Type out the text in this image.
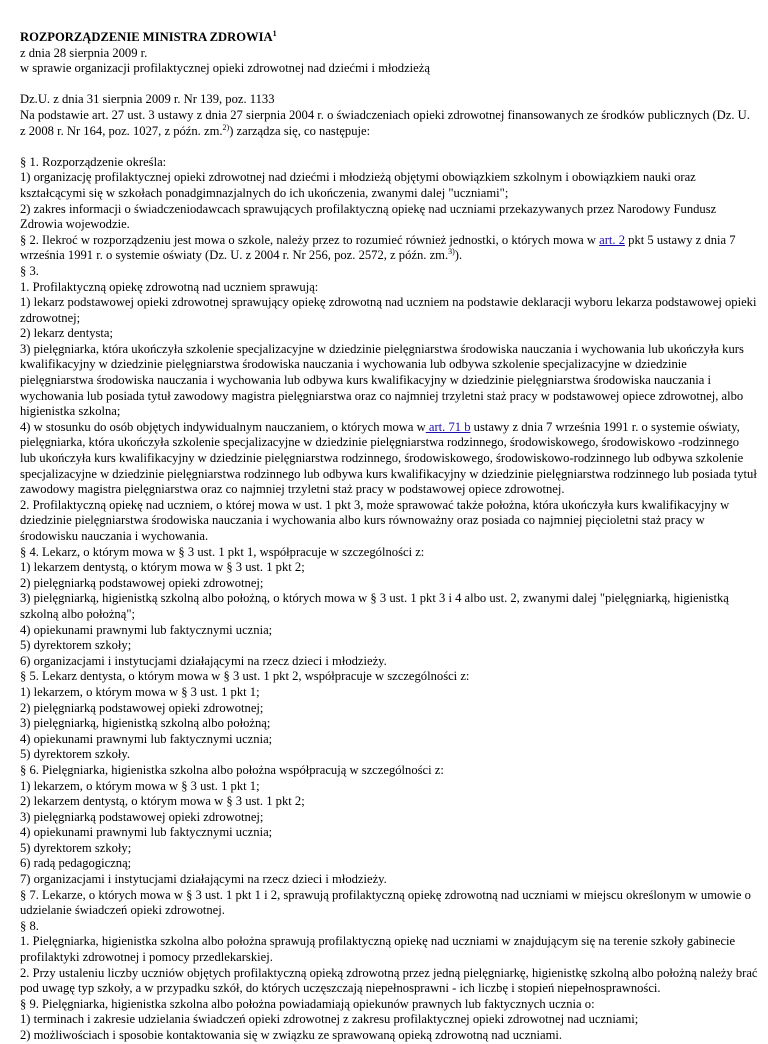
ROZPORZĄDZENIE MINISTRA ZDROWIA$^1$
z dnia 28 sierpnia 2009 r.
w sprawie organizacji profilaktycznej opieki zdrowotnej nad dziećmi i młodzieżą
Dz.U. z dnia 31 sierpnia 2009 r. Nr 139, poz. 1133
Na podstawie art. 27 ust. 3 ustawy z dnia 27 sierpnia 2004 r. o świadczeniach opieki zdrowotnej finansowanych ze środków publicznych (Dz. U. z 2008 r. Nr 164, poz. 1027, z późn. zm.$^{2)}$) zarządza się, co następuje:
§ 1. Rozporządzenie określa:
1) organizację profilaktycznej opieki zdrowotnej nad dziećmi i młodzieżą objętymi obowiązkiem szkolnym i obowiązkiem nauki oraz kształcącymi się w szkołach ponadgimnazjalnych do ich ukończenia, zwanymi dalej "uczniami";
2) zakres informacji o świadczeniodawcach sprawujących profilaktyczną opiekę nad uczniami przekazywanych przez Narodowy Fundusz Zdrowia wojewodzie.
§ 2. Ilekroć w rozporządzeniu jest mowa o szkole, należy przez to rozumieć również jednostki, o których mowa w art. 2 pkt 5 ustawy z dnia 7 września 1991 r. o systemie oświaty (Dz. U. z 2004 r. Nr 256, poz. 2572, z późn. zm.$^{3)}$).
§ 3.
1. Profilaktyczną opiekę zdrowotną nad uczniem sprawują:
1) lekarz podstawowej opieki zdrowotnej sprawujący opiekę zdrowotną nad uczniem na podstawie deklaracji wyboru lekarza podstawowej opieki zdrowotnej;
2) lekarz dentysta;
3) pielęgniarka, która ukończyła szkolenie specjalizacyjne w dziedzinie pielęgniarstwa środowiska nauczania i wychowania lub ukończyła kurs kwalifikacyjny w dziedzinie pielęgniarstwa środowiska nauczania i wychowania lub odbywa szkolenie specjalizacyjne w dziedzinie pielęgniarstwa środowiska nauczania i wychowania lub odbywa kurs kwalifikacyjny w dziedzinie pielęgniarstwa środowiska nauczania i wychowania lub posiada tytuł zawodowy magistra pielęgniarstwa oraz co najmniej trzyletni staż pracy w podstawowej opiece zdrowotnej, albo higienistka szkolna;
4) w stosunku do osób objętych indywidualnym nauczaniem, o których mowa w art. 71 b ustawy z dnia 7 września 1991 r. o systemie oświaty, pielęgniarka, która ukończyła szkolenie specjalizacyjne w dziedzinie pielęgniarstwa rodzinnego, środowiskowego, środowiskowo -rodzinnego lub ukończyła kurs kwalifikacyjny w dziedzinie pielęgniarstwa rodzinnego, środowiskowego, środowiskowo-rodzinnego lub odbywa szkolenie specjalizacyjne w dziedzinie pielęgniarstwa rodzinnego lub odbywa kurs kwalifikacyjny w dziedzinie pielęgniarstwa rodzinnego lub posiada tytuł zawodowy magistra pielęgniarstwa oraz co najmniej trzyletni staż pracy w podstawowej opiece zdrowotnej.
2. Profilaktyczną opiekę nad uczniem, o której mowa w ust. 1 pkt 3, może sprawować także położna, która ukończyła kurs kwalifikacyjny w dziedzinie pielęgniarstwa środowiska nauczania i wychowania albo kurs równoważny oraz posiada co najmniej pięcioletni staż pracy w środowisku nauczania i wychowania.
§ 4. Lekarz, o którym mowa w § 3 ust. 1 pkt 1, współpracuje w szczególności z:
1) lekarzem dentystą, o którym mowa w § 3 ust. 1 pkt 2;
2) pielęgniarką podstawowej opieki zdrowotnej;
3) pielęgniarką, higienistką szkolną albo położną, o których mowa w § 3 ust. 1 pkt 3 i 4 albo ust. 2, zwanymi dalej "pielęgniarką, higienistką szkolną albo położną";
4) opiekunami prawnymi lub faktycznymi ucznia;
5) dyrektorem szkoły;
6) organizacjami i instytucjami działającymi na rzecz dzieci i młodzieży.
§ 5. Lekarz dentysta, o którym mowa w § 3 ust. 1 pkt 2, współpracuje w szczególności z:
1) lekarzem, o którym mowa w § 3 ust. 1 pkt 1;
2) pielęgniarką podstawowej opieki zdrowotnej;
3) pielęgniarką, higienistką szkolną albo położną;
4) opiekunami prawnymi lub faktycznymi ucznia;
5) dyrektorem szkoły.
§ 6. Pielęgniarka, higienistka szkolna albo położna współpracują w szczególności z:
1) lekarzem, o którym mowa w § 3 ust. 1 pkt 1;
2) lekarzem dentystą, o którym mowa w § 3 ust. 1 pkt 2;
3) pielęgniarką podstawowej opieki zdrowotnej;
4) opiekunami prawnymi lub faktycznymi ucznia;
5) dyrektorem szkoły;
6) radą pedagogiczną;
7) organizacjami i instytucjami działającymi na rzecz dzieci i młodzieży.
§ 7. Lekarze, o których mowa w § 3 ust. 1 pkt 1 i 2, sprawują profilaktyczną opiekę zdrowotną nad uczniami w miejscu określonym w umowie o udzielanie świadczeń opieki zdrowotnej.
§ 8.
1. Pielęgniarka, higienistka szkolna albo położna sprawują profilaktyczną opiekę nad uczniami w znajdującym się na terenie szkoły gabinecie profilaktyki zdrowotnej i pomocy przedlekarskiej.
2. Przy ustaleniu liczby uczniów objętych profilaktyczną opieką zdrowotną przez jedną pielęgniarkę, higienistkę szkolną albo położną należy brać pod uwagę typ szkoły, a w przypadku szkół, do których uczęszczają niepełnosprawni - ich liczbę i stopień niepełnosprawności.
§ 9. Pielęgniarka, higienistka szkolna albo położna powiadamiają opiekunów prawnych lub faktycznych ucznia o:
1) terminach i zakresie udzielania świadczeń opieki zdrowotnej z zakresu profilaktycznej opieki zdrowotnej nad uczniami;
2) możliwościach i sposobie kontaktowania się w związku ze sprawowaną opieką zdrowotną nad uczniami.
